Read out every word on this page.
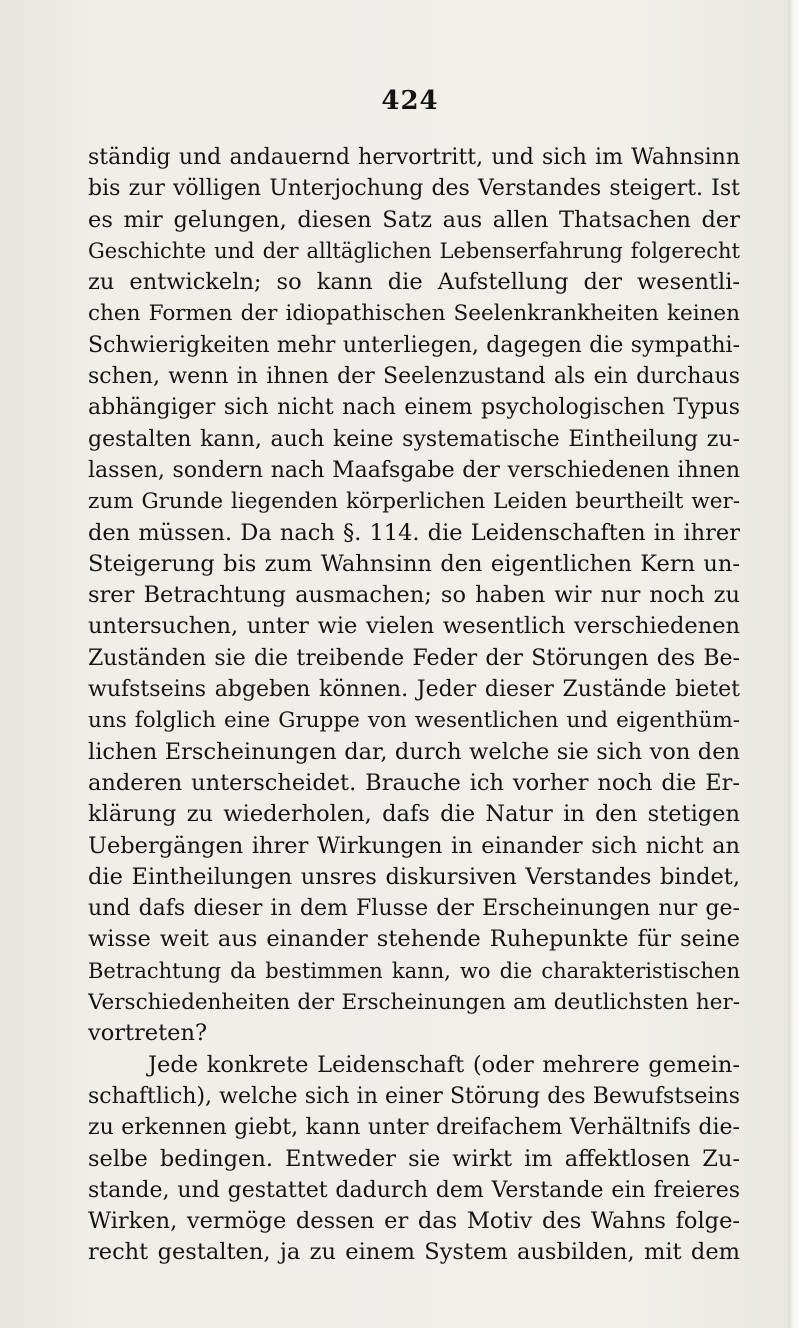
424
ständig und andauernd hervortritt, und sich im Wahnsinn
bis zur völligen Unterjochung des Verstandes steigert. Ist
es mir gelungen, diesen Satz aus allen Thatsachen der
Geschichte und der alltäglichen Lebenserfahrung folgerecht
zu entwickeln; so kann die Aufstellung der wesentli-
chen Formen der idiopathischen Seelenkrankheiten keinen
Schwierigkeiten mehr unterliegen, dagegen die sympathi-
schen, wenn in ihnen der Seelenzustand als ein durchaus
abhängiger sich nicht nach einem psychologischen Typus
gestalten kann, auch keine systematische Eintheilung zu-
lassen, sondern nach Maafsgabe der verschiedenen ihnen
zum Grunde liegenden körperlichen Leiden beurtheilt wer-
den müssen. Da nach §. 114. die Leidenschaften in ihrer
Steigerung bis zum Wahnsinn den eigentlichen Kern un-
srer Betrachtung ausmachen; so haben wir nur noch zu
untersuchen, unter wie vielen wesentlich verschiedenen
Zuständen sie die treibende Feder der Störungen des Be-
wufstseins abgeben können. Jeder dieser Zustände bietet
uns folglich eine Gruppe von wesentlichen und eigenthüm-
lichen Erscheinungen dar, durch welche sie sich von den
anderen unterscheidet. Brauche ich vorher noch die Er-
klärung zu wiederholen, dafs die Natur in den stetigen
Uebergängen ihrer Wirkungen in einander sich nicht an
die Eintheilungen unsres diskursiven Verstandes bindet,
und dafs dieser in dem Flusse der Erscheinungen nur ge-
wisse weit aus einander stehende Ruhepunkte für seine
Betrachtung da bestimmen kann, wo die charakteristischen
Verschiedenheiten der Erscheinungen am deutlichsten her-
vortreten?
Jede konkrete Leidenschaft (oder mehrere gemein-
schaftlich), welche sich in einer Störung des Bewufstseins
zu erkennen giebt, kann unter dreifachem Verhältnifs die-
selbe bedingen. Entweder sie wirkt im affektlosen Zu-
stande, und gestattet dadurch dem Verstande ein freieres
Wirken, vermöge dessen er das Motiv des Wahns folge-
recht gestalten, ja zu einem System ausbilden, mit dem
